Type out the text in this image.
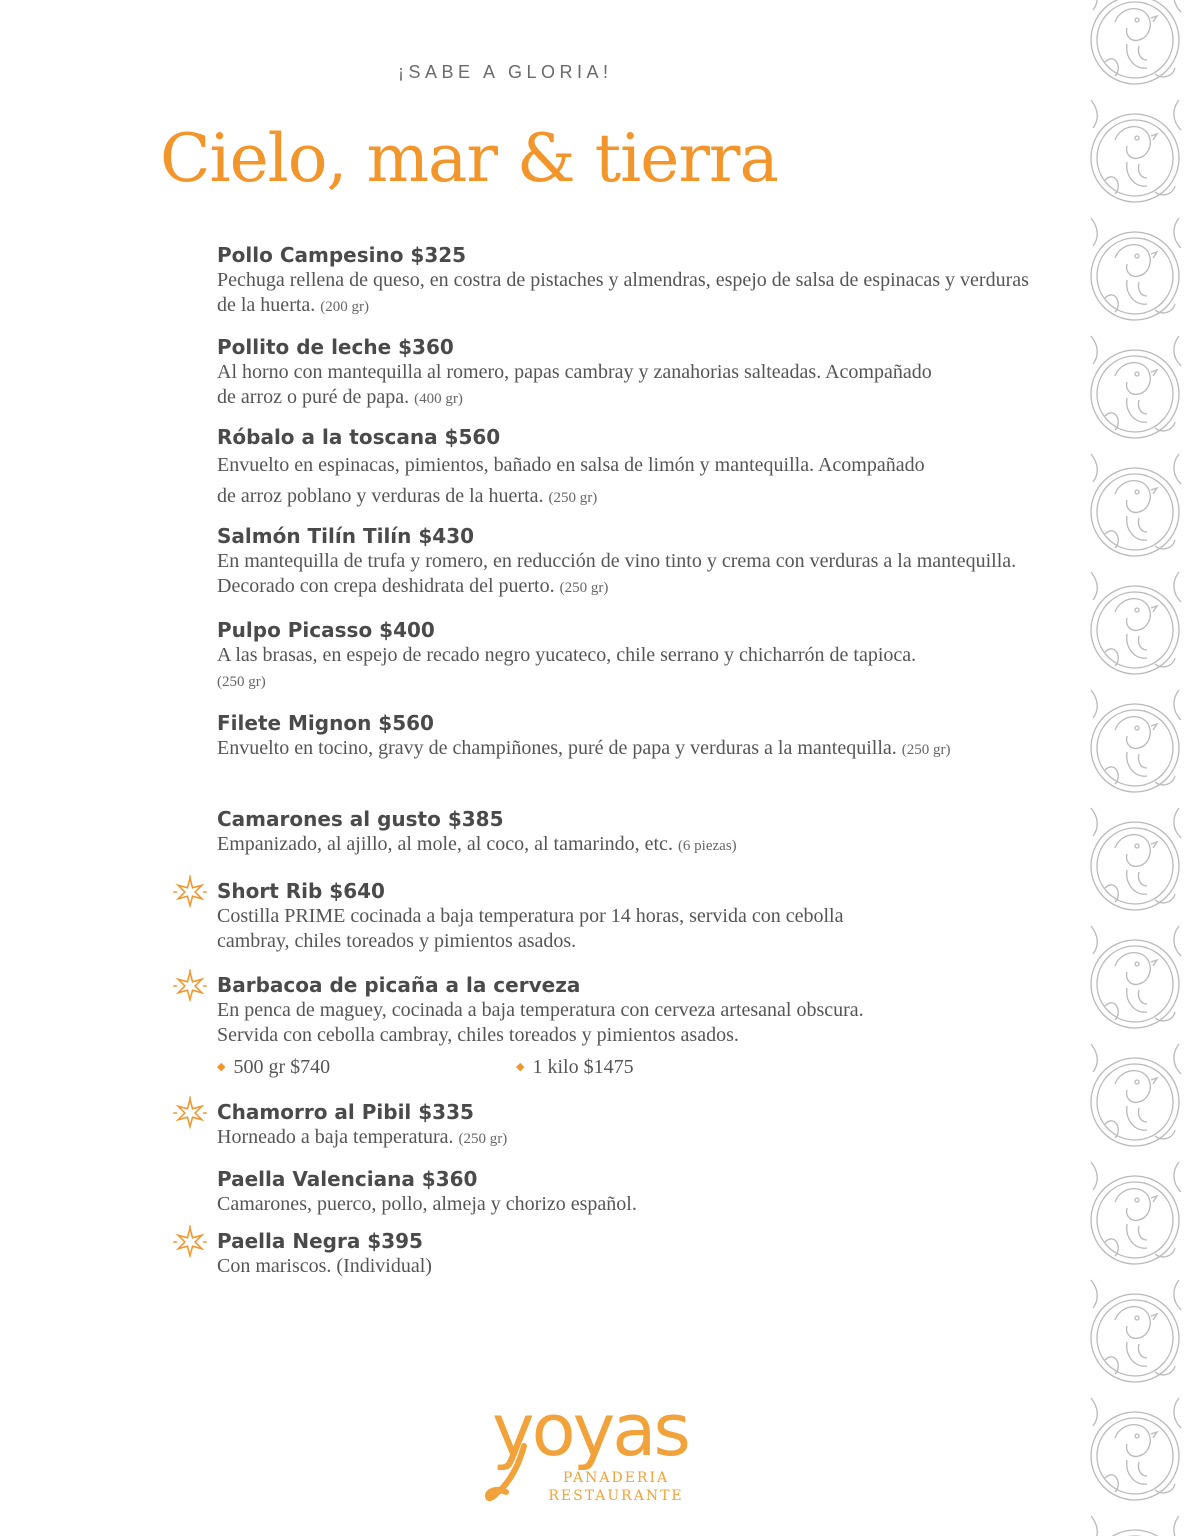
¡SABE A GLORIA!
Cielo, mar & tierra
Pollo Campesino $325
Pechuga rellena de queso, en costra de pistaches y almendras, espejo de salsa de espinacas y verduras de la huerta. (200 gr)
Pollito de leche $360
Al horno con mantequilla al romero, papas cambray y zanahorias salteadas. Acompañado de arroz o puré de papa. (400 gr)
Róbalo a la toscana $560
Envuelto en espinacas, pimientos, bañado en salsa de limón y mantequilla. Acompañado de arroz poblano y verduras de la huerta. (250 gr)
Salmón Tilín Tilín $430
En mantequilla de trufa y romero, en reducción de vino tinto y crema con verduras a la mantequilla. Decorado con crepa deshidrata del puerto. (250 gr)
Pulpo Picasso $400
A las brasas, en espejo de recado negro yucateco, chile serrano y chicharrón de tapioca. (250 gr)
Filete Mignon $560
Envuelto en tocino, gravy de champiñones, puré de papa y verduras a la mantequilla. (250 gr)
Camarones al gusto $385
Empanizado, al ajillo, al mole, al coco, al tamarindo, etc. (6 piezas)
Short Rib $640
Costilla PRIME cocinada a baja temperatura por 14 horas, servida con cebolla cambray, chiles toreados y pimientos asados.
Barbacoa de picaña a la cerveza
En penca de maguey, cocinada a baja temperatura con cerveza artesanal obscura. Servida con cebolla cambray, chiles toreados y pimientos asados.
◆ 500 gr $740	◆ 1 kilo $1475
Chamorro al Pibil $335
Horneado a baja temperatura. (250 gr)
Paella Valenciana $360
Camarones, puerco, pollo, almeja y chorizo español.
Paella Negra $395
Con mariscos. (Individual)
yoyas
PANADERIA
RESTAURANTE
